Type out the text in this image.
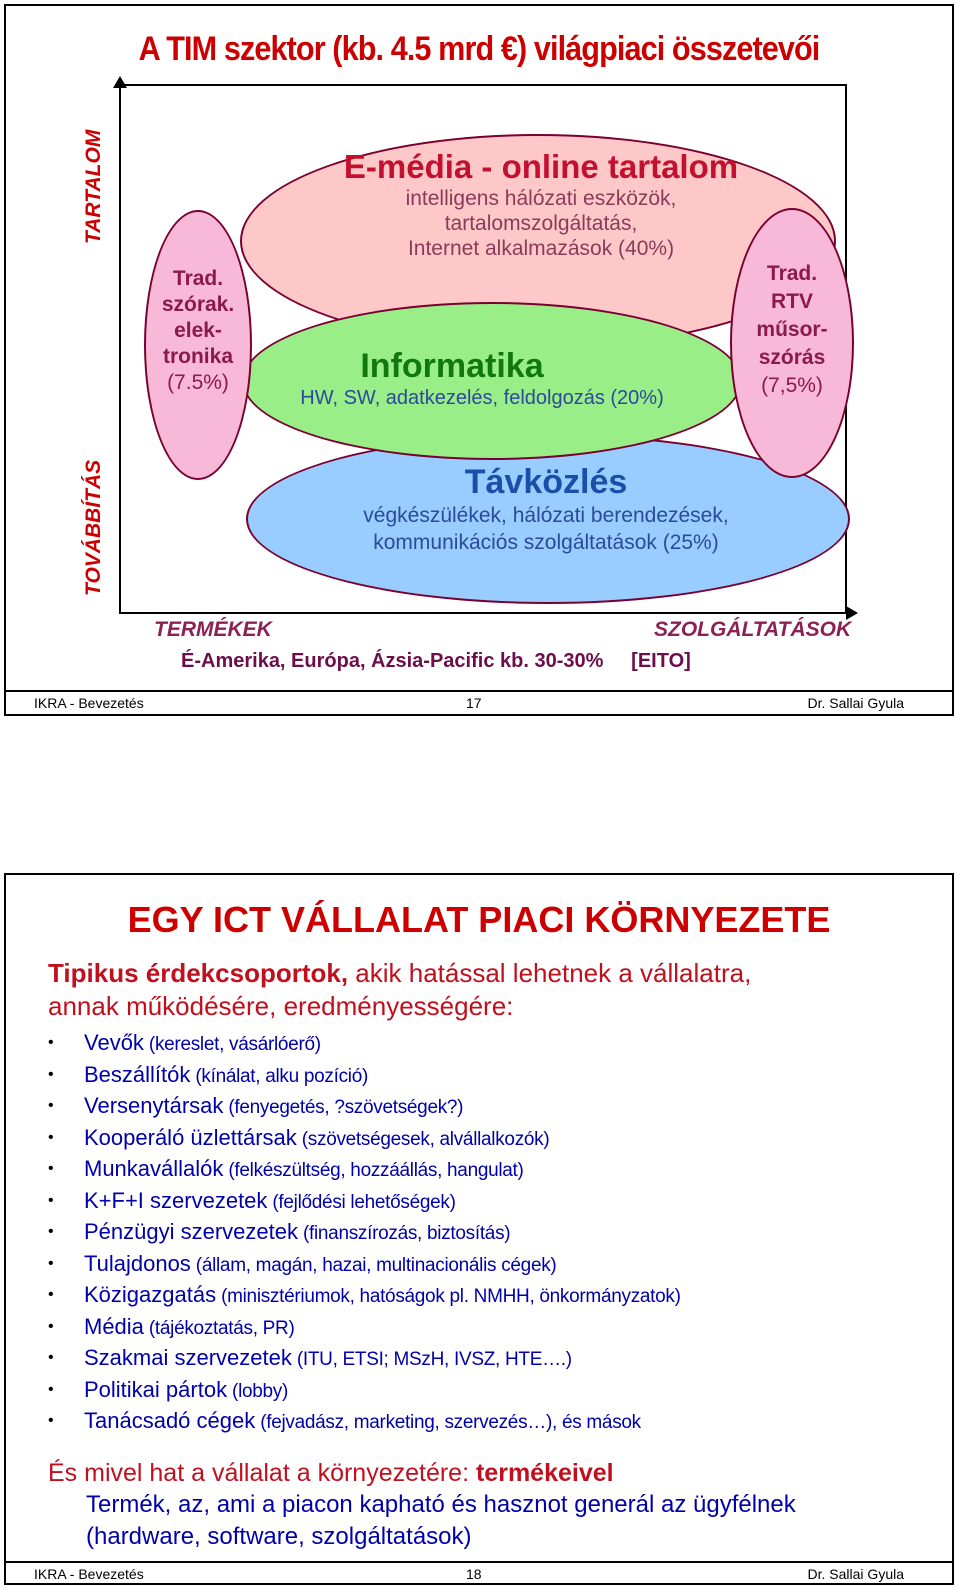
A TIM szektor (kb. 4.5 mrd €) világpiaci összetevői
TARTALOM
TOVÁBBÍTÁS
E-média - online tartalom
intelligens hálózati eszközök,
tartalomszolgáltatás,
Internet alkalmazások (40%)
Távközlés
végkészülékek, hálózati berendezések,
kommunikációs szolgáltatások (25%)
Informatika
HW, SW, adatkezelés, feldolgozás (20%)
Trad.
szórak.
elek-
tronika
(7.5%)
Trad.
RTV
műsor-
szórás
(7,5%)
TERMÉKEK	SZOLGÁLTATÁSOK
É-Amerika, Európa, Ázsia-Pacific kb. 30-30%     [EITO]
IKRA - Bevezetés	17	Dr. Sallai Gyula
EGY ICT VÁLLALAT PIACI KÖRNYEZETE
Tipikus érdekcsoportok, akik hatással lehetnek a vállalatra,
annak működésére, eredményességére:
• Vevők (kereslet, vásárlóerő)
• Beszállítók (kínálat, alku pozíció)
• Versenytársak (fenyegetés, ?szövetségek?)
• Kooperáló üzlettársak (szövetségesek, alvállalkozók)
• Munkavállalók (felkészültség, hozzáállás, hangulat)
• K+F+I szervezetek (fejlődési lehetőségek)
• Pénzügyi szervezetek (finanszírozás, biztosítás)
• Tulajdonos (állam, magán, hazai, multinacionális cégek)
• Közigazgatás (minisztériumok, hatóságok pl. NMHH, önkormányzatok)
• Média (tájékoztatás, PR)
• Szakmai szervezetek (ITU, ETSI; MSzH, IVSZ, HTE….)
• Politikai pártok (lobby)
• Tanácsadó cégek (fejvadász, marketing, szervezés…), és mások
És mivel hat a vállalat a környezetére: termékeivel
Termék, az, ami a piacon kapható és hasznot generál az ügyfélnek
(hardware, software, szolgáltatások)
IKRA - Bevezetés	18	Dr. Sallai Gyula
